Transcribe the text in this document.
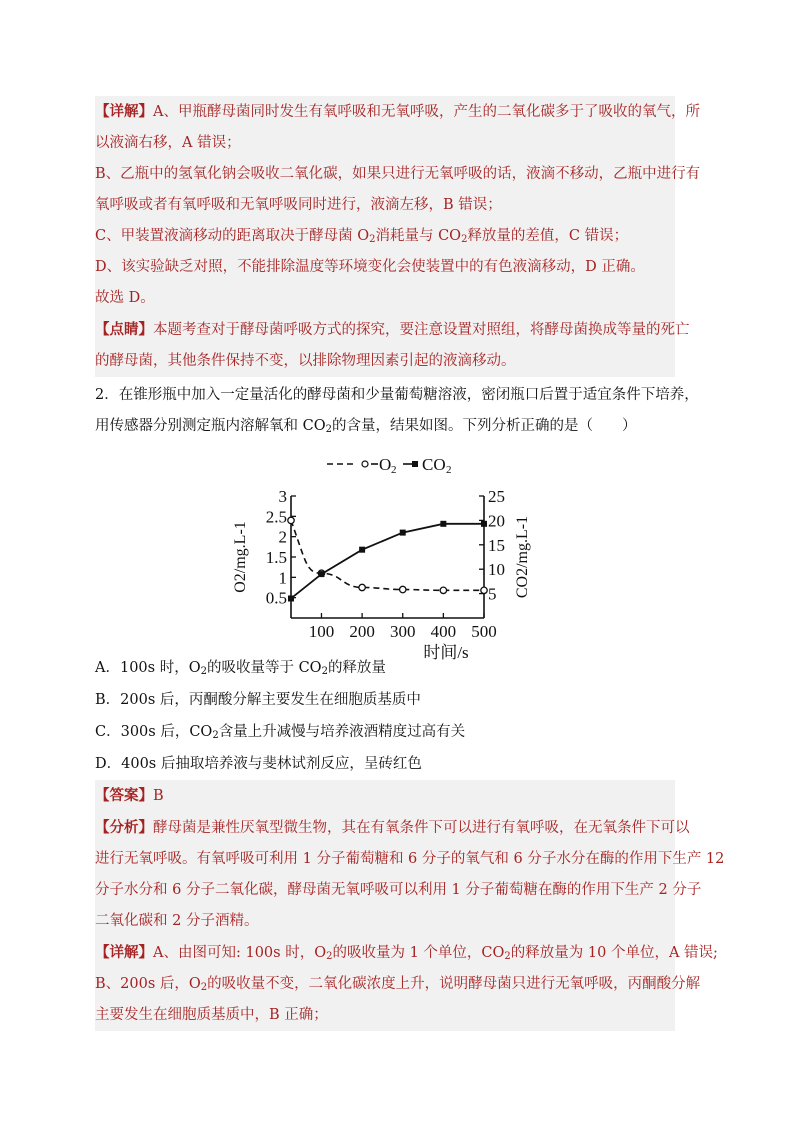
【详解】A、甲瓶酵母菌同时发生有氧呼吸和无氧呼吸，产生的二氧化碳多于了吸收的氧气，所
以液滴右移，A 错误；
B、乙瓶中的氢氧化钠会吸收二氧化碳，如果只进行无氧呼吸的话，液滴不移动，乙瓶中进行有
氧呼吸或者有氧呼吸和无氧呼吸同时进行，液滴左移，B 错误；
C、甲装置液滴移动的距离取决于酵母菌 $O_2$消耗量与 $CO_2$释放量的差值，C 错误；
D、该实验缺乏对照，不能排除温度等环境变化会使装置中的有色液滴移动，D 正确。
故选 D。
【点睛】本题考查对于酵母菌呼吸方式的探究，要注意设置对照组，将酵母菌换成等量的死亡
的酵母菌，其他条件保持不变，以排除物理因素引起的液滴移动。
2．在锥形瓶中加入一定量活化的酵母菌和少量葡萄糖溶液，密闭瓶口后置于适宜条件下培养，
用传感器分别测定瓶内溶解氧和 $CO_2$的含量，结果如图。下列分析正确的是（　　）
0.5
1
1.5
2
2.5
3
5
10
15
20
25
100 200 300 400 500
时间/s
O2/mg.L-1	CO2/mg.L-1
O 2 CO 2
A．100s 时，$O_2$的吸收量等于 $CO_2$的释放量
B．200s 后，丙酮酸分解主要发生在细胞质基质中
C．300s 后，$CO_2$含量上升减慢与培养液酒精度过高有关
D．400s 后抽取培养液与斐林试剂反应，呈砖红色
【答案】B
【分析】酵母菌是兼性厌氧型微生物，其在有氧条件下可以进行有氧呼吸，在无氧条件下可以
进行无氧呼吸。有氧呼吸可利用 1 分子葡萄糖和 6 分子的氧气和 6 分子水分在酶的作用下生产 12
分子水分和 6 分子二氧化碳，酵母菌无氧呼吸可以利用 1 分子葡萄糖在酶的作用下生产 2 分子
二氧化碳和 2 分子酒精。
【详解】A、由图可知: 100s 时，$O_2$的吸收量为 1 个单位，$CO_2$的释放量为 10 个单位，A 错误;
B、200s 后，$O_2$的吸收量不变，二氧化碳浓度上升，说明酵母菌只进行无氧呼吸，丙酮酸分解
主要发生在细胞质基质中，B 正确；
